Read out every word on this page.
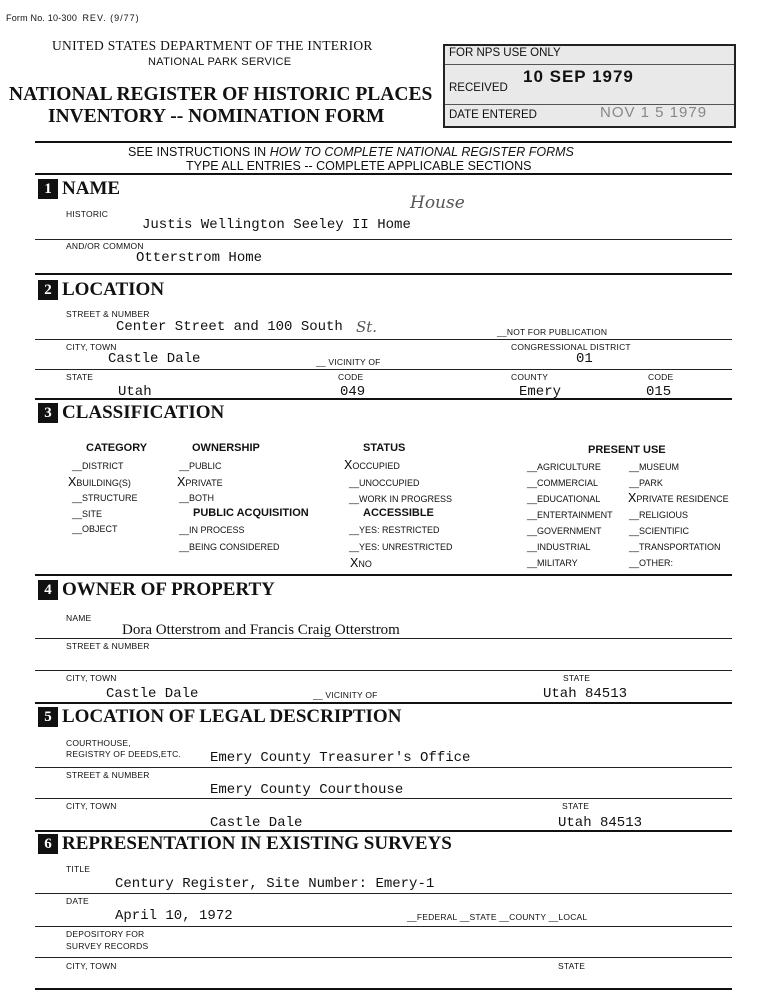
Form No. 10-300 REV. (9/77)
UNITED STATES DEPARTMENT OF THE INTERIOR
NATIONAL PARK SERVICE
NATIONAL REGISTER OF HISTORIC PLACES
INVENTORY -- NOMINATION FORM
FOR NPS USE ONLY
RECEIVED
10 SEP 1979
DATE ENTERED	NOV 1 5 1979
SEE INSTRUCTIONS IN HOW TO COMPLETE NATIONAL REGISTER FORMS
TYPE ALL ENTRIES -- COMPLETE APPLICABLE SECTIONS
1 NAME
HISTORIC
House
Justis Wellington Seeley II Home
AND/OR COMMON
Otterstrom Home
2 LOCATION
STREET & NUMBER
Center Street and 100 South St.	__NOT FOR PUBLICATION
CITY, TOWN	CONGRESSIONAL DISTRICT
Castle Dale	__ VICINITY OF	01
STATE	CODE	COUNTY	CODE
Utah	049	Emery	015
3 CLASSIFICATION
CATEGORY
__DISTRICT
XBUILDING(S)
__STRUCTURE
__SITE
__OBJECT
OWNERSHIP
__PUBLIC
XPRIVATE
__BOTH
PUBLIC ACQUISITION
__IN PROCESS
__BEING CONSIDERED
STATUS
XOCCUPIED
__UNOCCUPIED
__WORK IN PROGRESS
ACCESSIBLE
__YES: RESTRICTED
__YES: UNRESTRICTED
XNO
PRESENT USE
__AGRICULTURE
__COMMERCIAL
__EDUCATIONAL
__ENTERTAINMENT
__GOVERNMENT
__INDUSTRIAL
__MILITARY
__MUSEUM
__PARK
XPRIVATE RESIDENCE
__RELIGIOUS
__SCIENTIFIC
__TRANSPORTATION
__OTHER:
4 OWNER OF PROPERTY
NAME
Dora Otterstrom and Francis Craig Otterstrom
STREET & NUMBER
CITY, TOWN	STATE
Castle Dale	__ VICINITY OF	Utah 84513
5 LOCATION OF LEGAL DESCRIPTION
COURTHOUSE,
REGISTRY OF DEEDS,ETC. Emery County Treasurer's Office
STREET & NUMBER
Emery County Courthouse
CITY, TOWN	STATE
Castle Dale	Utah 84513
6 REPRESENTATION IN EXISTING SURVEYS
TITLE
Century Register, Site Number: Emery-1
DATE
April 10, 1972	__FEDERAL __STATE __COUNTY __LOCAL
DEPOSITORY FOR
SURVEY RECORDS
CITY, TOWN	STATE
